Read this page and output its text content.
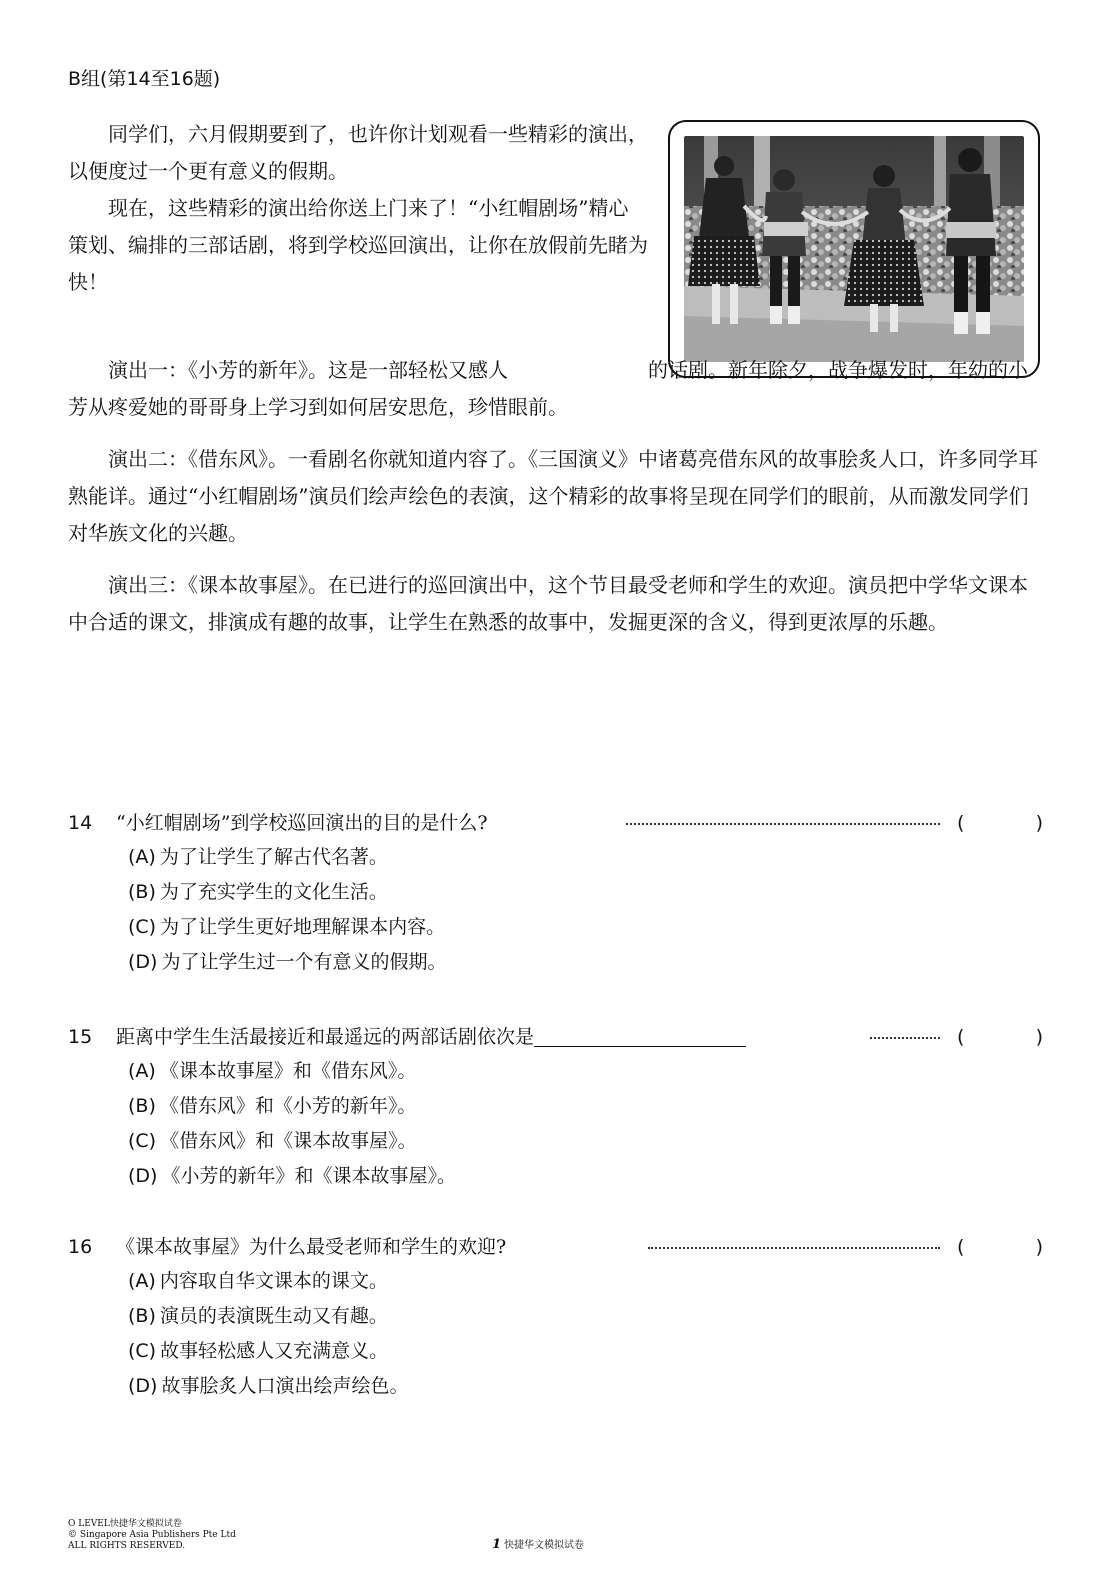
B组(第14至16题)

同学们，六月假期要到了，也许你计划观看一些精彩的演出，以便度过一个更有意义的假期。

现在，这些精彩的演出给你送上门来了！“小红帽剧场”精心策划、编排的三部话剧，将到学校巡回演出，让你在放假前先睹为快！

演出一：《小芳的新年》。这是一部轻松又感人	的话剧。新年除夕，战争爆发时，年幼的小芳从疼爱她的哥哥身上学习到如何居安思危，珍惜眼前。

演出二：《借东风》。一看剧名你就知道内容了。《三国演义》中诸葛亮借东风的故事脍炙人口，许多同学耳熟能详。通过“小红帽剧场”演员们绘声绘色的表演，这个精彩的故事将呈现在同学们的眼前，从而激发同学们对华族文化的兴趣。

演出三：《课本故事屋》。在已进行的巡回演出中，这个节目最受老师和学生的欢迎。演员把中学华文课本中合适的课文，排演成有趣的故事，让学生在熟悉的故事中，发掘更深的含义，得到更浓厚的乐趣。

14 “小红帽剧场”到学校巡回演出的目的是什么?	(	)
(A) 为了让学生了解古代名著。
(B) 为了充实学生的文化生活。
(C) 为了让学生更好地理解课本内容。
(D) 为了让学生过一个有意义的假期。
15 距离中学生生活最接近和最遥远的两部话剧依次是	(	)
(A) 《课本故事屋》和《借东风》。
(B) 《借东风》和《小芳的新年》。
(C) 《借东风》和《课本故事屋》。
(D) 《小芳的新年》和《课本故事屋》。
16 《课本故事屋》为什么最受老师和学生的欢迎?	(	)
(A) 内容取自华文课本的课文。
(B) 演员的表演既生动又有趣。
(C) 故事轻松感人又充满意义。
(D) 故事脍炙人口演出绘声绘色。
O LEVEL快捷华文模拟试卷
© Singapore Asia Publishers Pte Ltd
ALL RIGHTS RESERVED.	1 快捷华文模拟试卷
